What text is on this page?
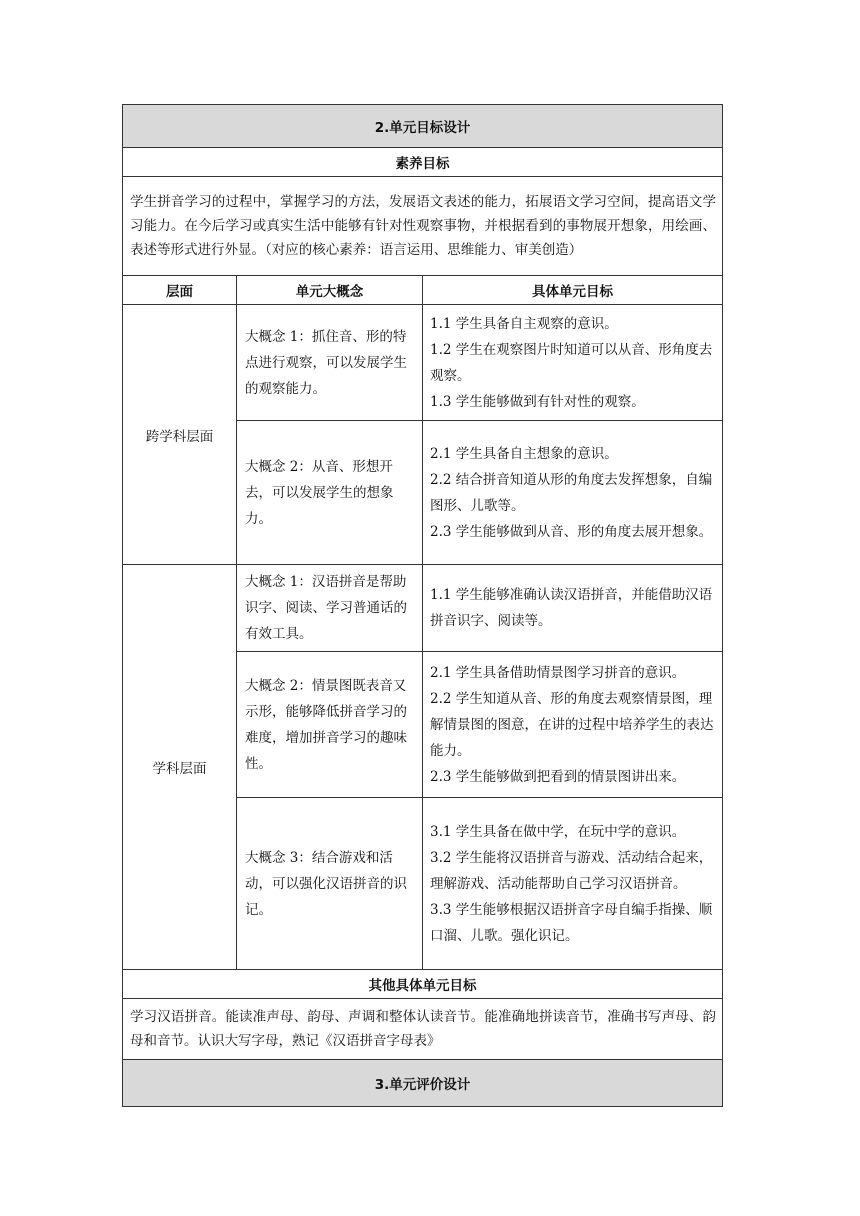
2.单元目标设计		
素养目标		
学生拼音学习的过程中，掌握学习的方法，发展语文表述的能力，拓展语文学习空间，提高语文学习能力。在今后学习或真实生活中能够有针对性观察事物，并根据看到的事物展开想象，用绘画、表述等形式进行外显。（对应的核心素养：语言运用、思维能力、审美创造）		
层面	单元大概念	具体单元目标
跨学科层面	大概念 1：抓住音、形的特点进行观察，可以发展学生的观察能力。	1.1 学生具备自主观察的意识。
1.2 学生在观察图片时知道可以从音、形角度去观察。
1.3 学生能够做到有针对性的观察。

	大概念 2：从音、形想开去，可以发展学生的想象力。	2.1 学生具备自主想象的意识。
2.2 结合拼音知道从形的角度去发挥想象，自编图形、儿歌等。
2.3 学生能够做到从音、形的角度去展开想象。

学科层面	大概念 1：汉语拼音是帮助识字、阅读、学习普通话的有效工具。	1.1 学生能够准确认读汉语拼音，并能借助汉语拼音识字、阅读等。

	大概念 2：情景图既表音又示形，能够降低拼音学习的难度，增加拼音学习的趣味性。	2.1 学生具备借助情景图学习拼音的意识。
2.2 学生知道从音、形的角度去观察情景图，理解情景图的图意，在讲的过程中培养学生的表达能力。
2.3 学生能够做到把看到的情景图讲出来。

	大概念 3：结合游戏和活动，可以强化汉语拼音的识记。	3.1 学生具备在做中学，在玩中学的意识。
3.2 学生能将汉语拼音与游戏、活动结合起来，理解游戏、活动能帮助自己学习汉语拼音。
3.3 学生能够根据汉语拼音字母自编手指操、顺口溜、儿歌。强化识记。

其他具体单元目标		
学习汉语拼音。能读准声母、韵母、声调和整体认读音节。能准确地拼读音节，准确书写声母、韵母和音节。认识大写字母，熟记《汉语拼音字母表》		
3.单元评价设计		
